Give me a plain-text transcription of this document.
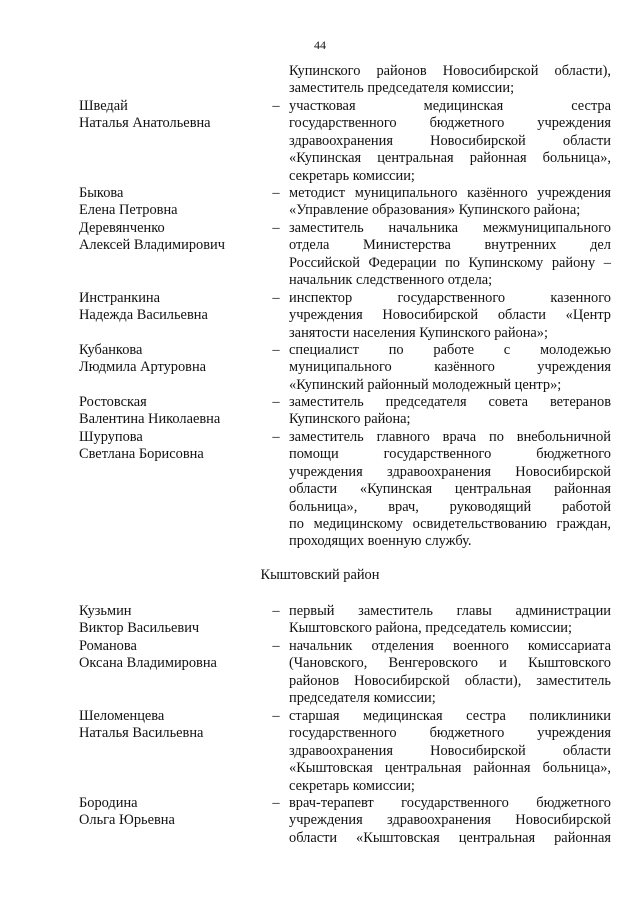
44
Кыштовский район
Купинского районов Новосибирской области),
заместитель председателя комиссии;
Шведай
Наталья Анатольевна
– участковая медицинская сестра
государственного бюджетного учреждения
здравоохранения Новосибирской области
«Купинская центральная районная больница»,
секретарь комиссии;
Быкова
Елена Петровна
– методист муниципального казённого учреждения
«Управление образования» Купинского района;
Деревянченко
Алексей Владимирович
– заместитель начальника межмуниципального
отдела Министерства внутренних дел
Российской Федерации по Купинскому району –
начальник следственного отдела;
Инстранкина
Надежда Васильевна
– инспектор государственного казенного
учреждения Новосибирской области «Центр
занятости населения Купинского района»;
Кубанкова
Людмила Артуровна
– специалист по работе с молодежью
муниципального казённого учреждения
«Купинский районный молодежный центр»;
Ростовская
Валентина Николаевна
– заместитель председателя совета ветеранов
Купинского района;
Шурупова
Светлана Борисовна
– заместитель главного врача по внебольничной
помощи государственного бюджетного
учреждения здравоохранения Новосибирской
области «Купинская центральная районная
больница», врач, руководящий работой
по медицинскому освидетельствованию граждан,
проходящих военную службу.
Кузьмин
Виктор Васильевич
– первый заместитель главы администрации
Кыштовского района, председатель комиссии;
Романова
Оксана Владимировна
– начальник отделения военного комиссариата
(Чановского, Венгеровского и Кыштовского
районов Новосибирской области), заместитель
председателя комиссии;
Шеломенцева
Наталья Васильевна
– старшая медицинская сестра поликлиники
государственного бюджетного учреждения
здравоохранения Новосибирской области
«Кыштовская центральная районная больница»,
секретарь комиссии;
Бородина
Ольга Юрьевна
– врач-терапевт государственного бюджетного
учреждения здравоохранения Новосибирской
области «Кыштовская центральная районная
